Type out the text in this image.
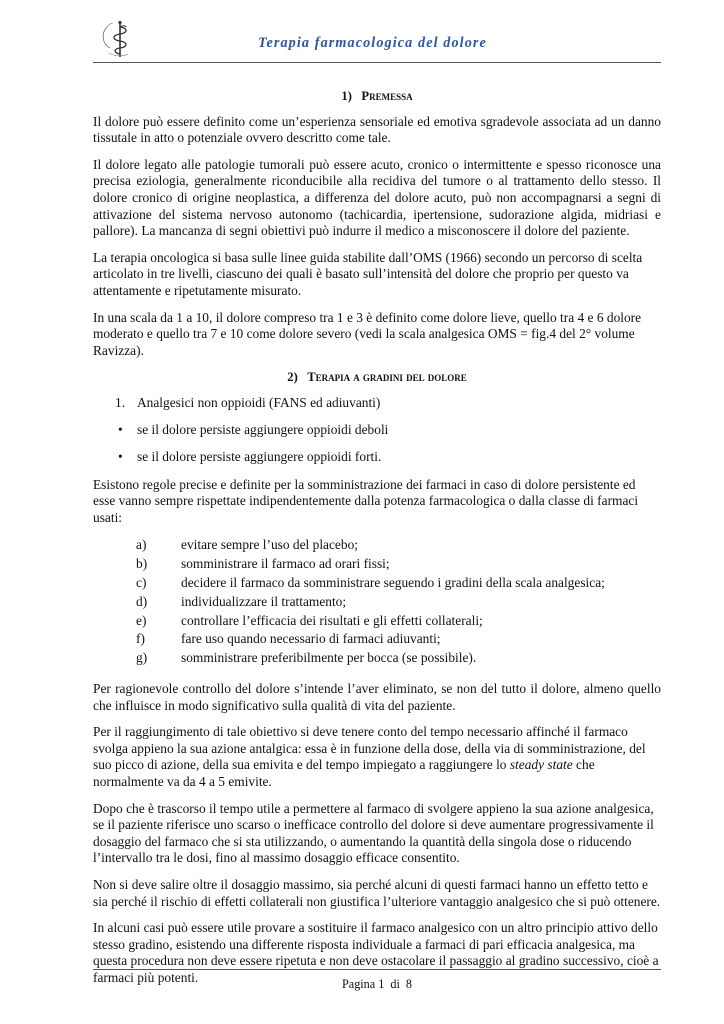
Terapia farmacologica del dolore
1) Premessa

Il dolore può essere definito come un’esperienza sensoriale ed emotiva sgradevole associata ad un danno tissutale in atto o potenziale ovvero descritto come tale.

Il dolore legato alle patologie tumorali può essere acuto, cronico o intermittente e spesso riconosce una precisa eziologia, generalmente riconducibile alla recidiva del tumore o al trattamento dello stesso. Il dolore cronico di origine neoplastica, a differenza del dolore acuto, può non accompagnarsi a segni di attivazione del sistema nervoso autonomo (tachicardia, ipertensione, sudorazione algida, midriasi e pallore). La mancanza di segni obiettivi può indurre il medico a misconoscere il dolore del paziente.

La terapia oncologica si basa sulle linee guida stabilite dall’OMS (1966) secondo un percorso di scelta articolato in tre livelli, ciascuno dei quali è basato sull’intensità del dolore che proprio per questo va attentamente e ripetutamente misurato.

In una scala da 1 a 10, il dolore compreso tra 1 e 3 è definito come dolore lieve, quello tra 4 e 6 dolore moderato e quello tra 7 e 10 come dolore severo (vedi la scala analgesica OMS = fig.4 del 2° volume Ravizza).

2) Terapia a gradini del dolore
1. Analgesici non oppioidi (FANS ed adiuvanti)
• se il dolore persiste aggiungere oppioidi deboli
• se il dolore persiste aggiungere oppioidi forti.

Esistono regole precise e definite per la somministrazione dei farmaci in caso di dolore persistente ed esse vanno sempre rispettate indipendentemente dalla potenza farmacologica o dalla classe di farmaci usati:

a)	evitare sempre l’uso del placebo;
b)	somministrare il farmaco ad orari fissi;
c)	decidere il farmaco da somministrare seguendo i gradini della scala analgesica;
d)	individualizzare il trattamento;
e)	controllare l’efficacia dei risultati e gli effetti collaterali;
f)	fare uso quando necessario di farmaci adiuvanti;
g)	somministrare preferibilmente per bocca (se possibile).

Per ragionevole controllo del dolore s’intende l’aver eliminato, se non del tutto il dolore, almeno quello che influisce in modo significativo sulla qualità di vita del paziente.

Per il raggiungimento di tale obiettivo si deve tenere conto del tempo necessario affinché il farmaco svolga appieno la sua azione antalgica: essa è in funzione della dose, della via di somministrazione, del suo picco di azione, della sua emivita e del tempo impiegato a raggiungere lo steady state che normalmente va da 4 a 5 emivite.

Dopo che è trascorso il tempo utile a permettere al farmaco di svolgere appieno la sua azione analgesica, se il paziente riferisce uno scarso o inefficace controllo del dolore si deve aumentare progressivamente il dosaggio del farmaco che si sta utilizzando, o aumentando la quantità della singola dose o riducendo l’intervallo tra le dosi, fino al massimo dosaggio efficace consentito.

Non si deve salire oltre il dosaggio massimo, sia perché alcuni di questi farmaci hanno un effetto tetto e sia perché il rischio di effetti collaterali non giustifica l’ulteriore vantaggio analgesico che si può ottenere.

In alcuni casi può essere utile provare a sostituire il farmaco analgesico con un altro principio attivo dello stesso gradino, esistendo una differente risposta individuale a farmaci di pari efficacia analgesica, ma questa procedura non deve essere ripetuta e non deve ostacolare il passaggio al gradino successivo, cioè a farmaci più potenti.	Pagina 1 di 8
